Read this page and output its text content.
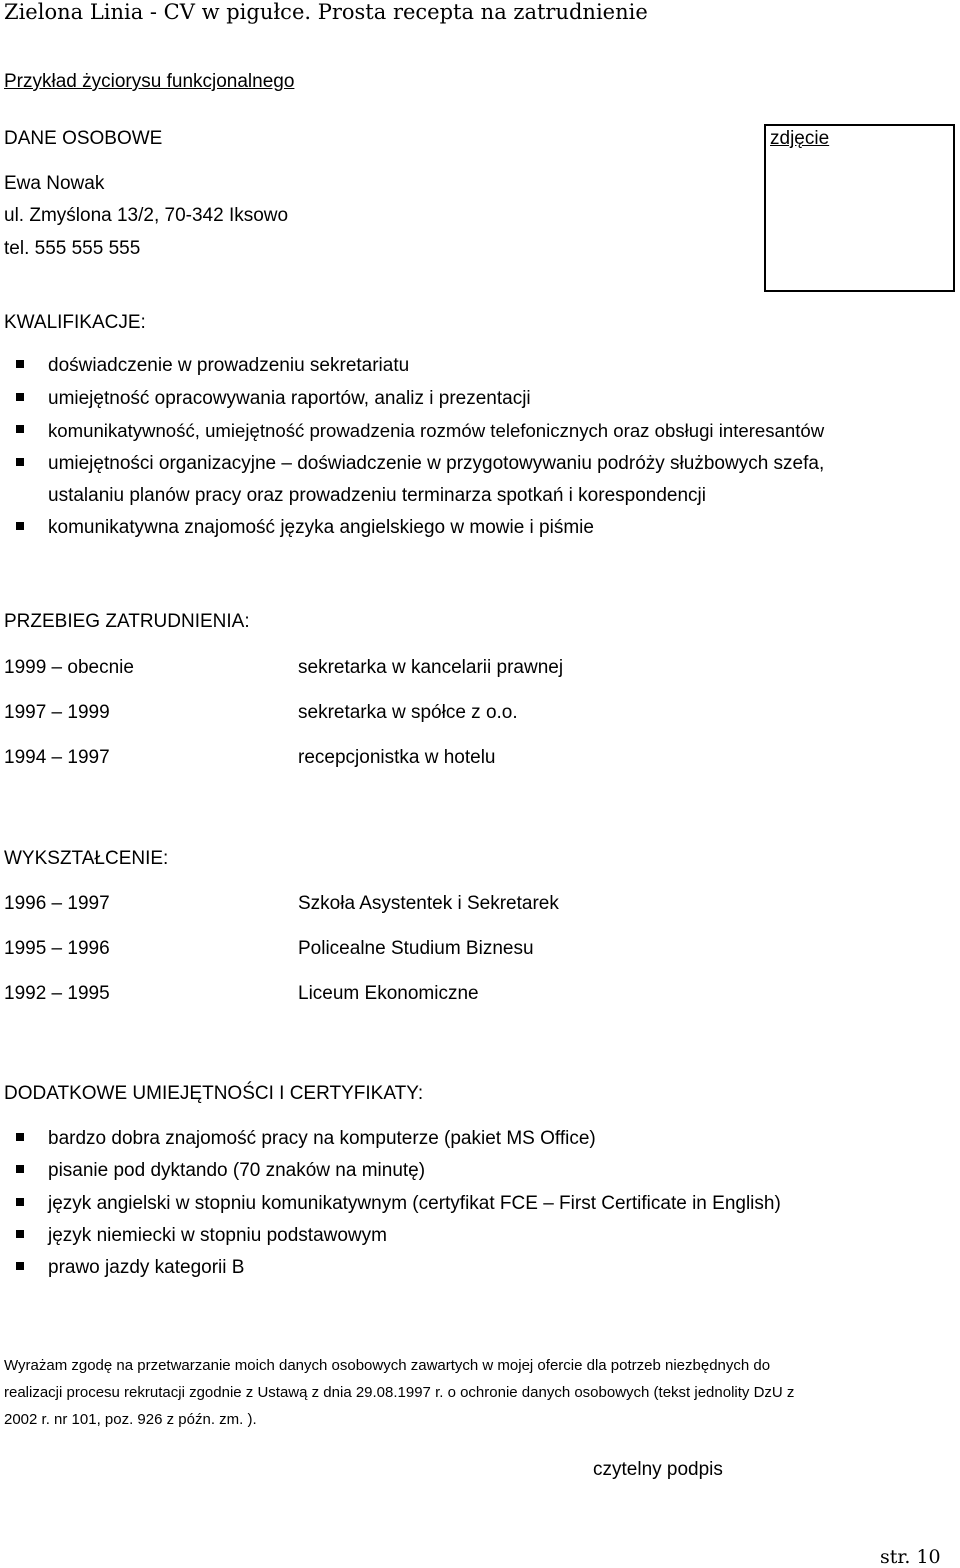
Zielona Linia - CV w pigułce. Prosta recepta na zatrudnienie
Przykład życiorysu funkcjonalnego
DANE OSOBOWE
Ewa Nowak
ul. Zmyślona 13/2, 70-342 Iksowo
tel. 555 555 555
zdjęcie
KWALIFIKACJE:
doświadczenie w prowadzeniu sekretariatu
umiejętność opracowywania raportów, analiz i prezentacji
komunikatywność, umiejętność prowadzenia rozmów telefonicznych oraz obsługi interesantów
umiejętności organizacyjne – doświadczenie w przygotowywaniu podróży służbowych szefa,
ustalaniu planów pracy oraz prowadzeniu terminarza spotkań i korespondencji
komunikatywna znajomość języka angielskiego w mowie i piśmie
PRZEBIEG ZATRUDNIENIA:
1999 – obecnie	sekretarka w kancelarii prawnej
1997 – 1999	sekretarka w spółce z o.o.
1994 – 1997	recepcjonistka w hotelu
WYKSZTAŁCENIE:
1996 – 1997	Szkoła Asystentek i Sekretarek
1995 – 1996	Policealne Studium Biznesu
1992 – 1995	Liceum Ekonomiczne
DODATKOWE UMIEJĘTNOŚCI I CERTYFIKATY:
bardzo dobra znajomość pracy na komputerze (pakiet MS Office)
pisanie pod dyktando (70 znaków na minutę)
język angielski w stopniu komunikatywnym (certyfikat FCE – First Certificate in English)
język niemiecki w stopniu podstawowym
prawo jazdy kategorii B
Wyrażam zgodę na przetwarzanie moich danych osobowych zawartych w mojej ofercie dla potrzeb niezbędnych do
realizacji procesu rekrutacji zgodnie z Ustawą z dnia 29.08.1997 r. o ochronie danych osobowych (tekst jednolity DzU z
2002 r. nr 101, poz. 926 z późn. zm. ).
czytelny podpis
str. 10
